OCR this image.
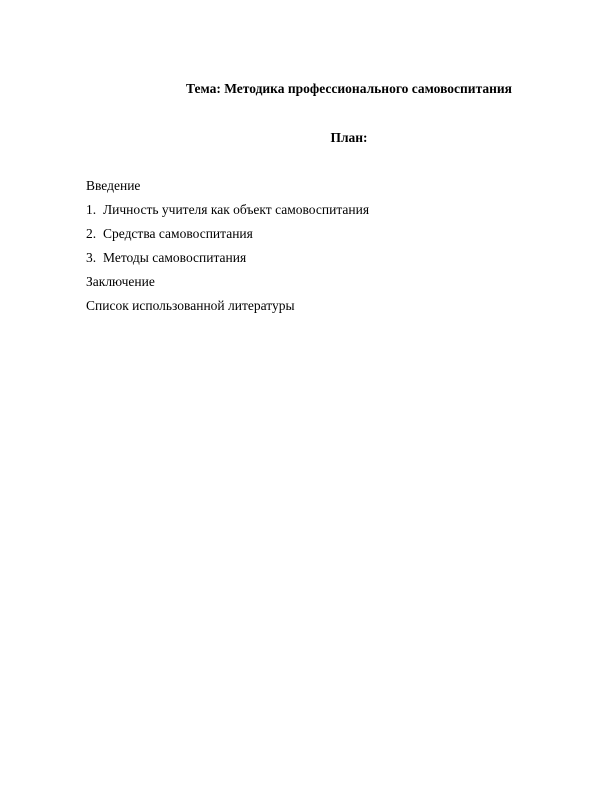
Тема: Методика профессионального самовоспитания
План:
Введение
1. Личность учителя как объект самовоспитания
2. Средства самовоспитания
3. Методы самовоспитания
Заключение
Список использованной литературы
